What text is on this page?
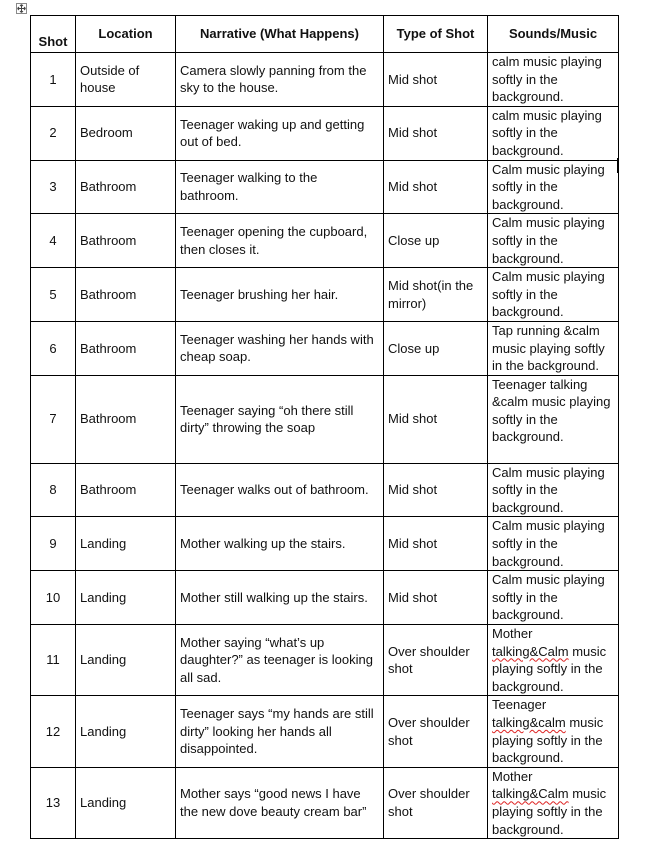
Shot	Location	Narrative (What Happens)	Type of Shot	Sounds/Music
1	Outside of house	Camera slowly panning from the sky to the house.	Mid shot	calm music playing softly in the background.
2	Bedroom	Teenager waking up and getting out of bed.	Mid shot	calm music playing softly in the background.
3	Bathroom	Teenager walking to the bathroom.	Mid shot	Calm music playing softly in the background.
4	Bathroom	Teenager opening the cupboard, then closes it.	Close up	Calm music playing softly in the background.
5	Bathroom	Teenager brushing her hair.	Mid shot(in the mirror)	Calm music playing softly in the background.
6	Bathroom	Teenager washing her hands with cheap soap.	Close up	Tap running &calm music playing softly in the background.
7	Bathroom	Teenager saying “oh there still dirty” throwing the soap	Mid shot	Teenager talking &calm music playing softly in the background.
8	Bathroom	Teenager walks out of bathroom.	Mid shot	Calm music playing softly in the background.
9	Landing	Mother walking up the stairs.	Mid shot	Calm music playing softly in the background.
10	Landing	Mother still walking up the stairs.	Mid shot	Calm music playing softly in the background.
11	Landing	Mother saying “what’s up daughter?” as teenager is looking all sad.	Over shoulder shot	Mother
talking&Calm music playing softly in the background.
12	Landing	Teenager says “my hands are still dirty” looking her hands all disappointed.	Over shoulder shot	Teenager
talking&calm music playing softly in the background.
13	Landing	Mother says “good news I have the new dove beauty cream bar”	Over shoulder shot	Mother
talking&Calm music playing softly in the background.
